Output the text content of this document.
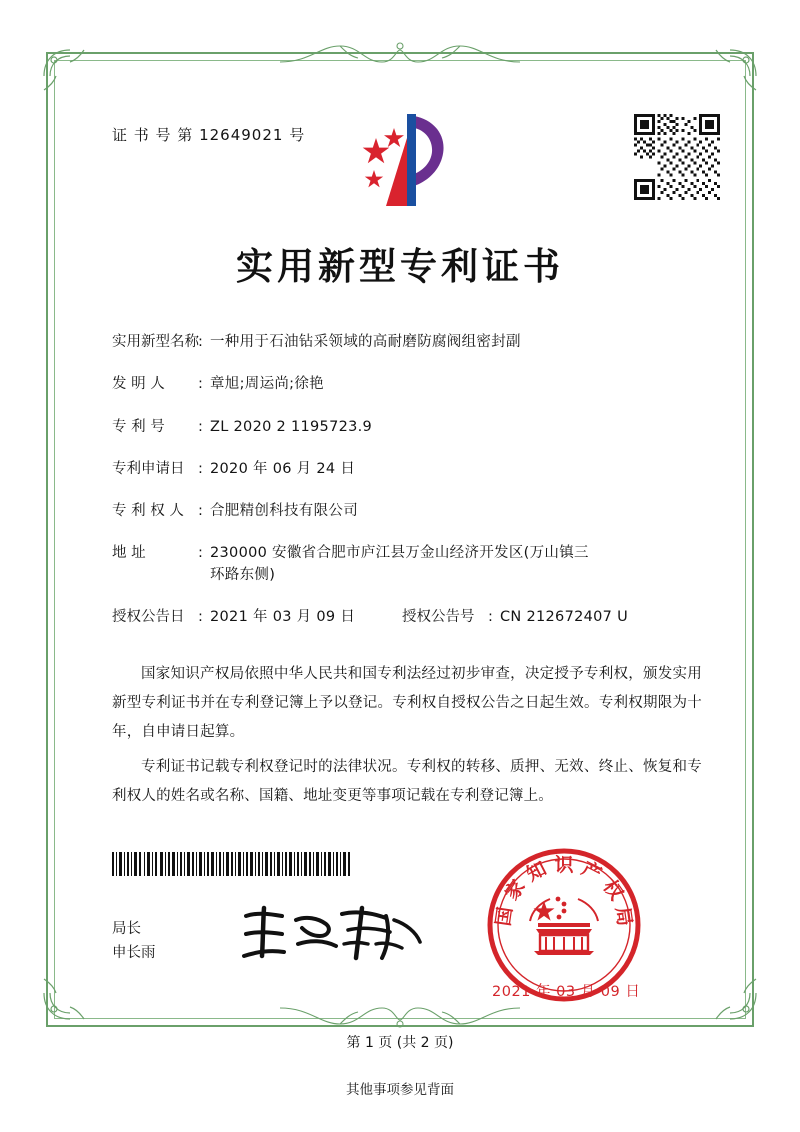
证 书 号 第 12649021 号
实用新型专利证书
实用新型名称 : 一种用于石油钻采领域的高耐磨防腐阀组密封副
发 明 人	: 章旭;周运尚;徐艳
专 利 号	: ZL 2020 2 1195723.9
专利申请日 : 2020 年 06 月 24 日
专 利 权 人 : 合肥精创科技有限公司
地 址	: 230000 安徽省合肥市庐江县万金山经济开发区(万山镇三
环路东侧)
授权公告日 : 2021 年 03 月 09 日	授权公告号 : CN 212672407 U

国家知识产权局依照中华人民共和国专利法经过初步审查，决定授予专利权，颁发实用新型专利证书并在专利登记簿上予以登记。专利权自授权公告之日起生效。专利权期限为十年，自申请日起算。

专利证书记载专利权登记时的法律状况。专利权的转移、质押、无效、终止、恢复和专利权人的姓名或名称、国籍、地址变更等事项记载在专利登记簿上。

局长
申长雨
国 家 知 识 产 权 局
2021 年 03 月 09 日
第 1 页 (共 2 页)
其他事项参见背面
